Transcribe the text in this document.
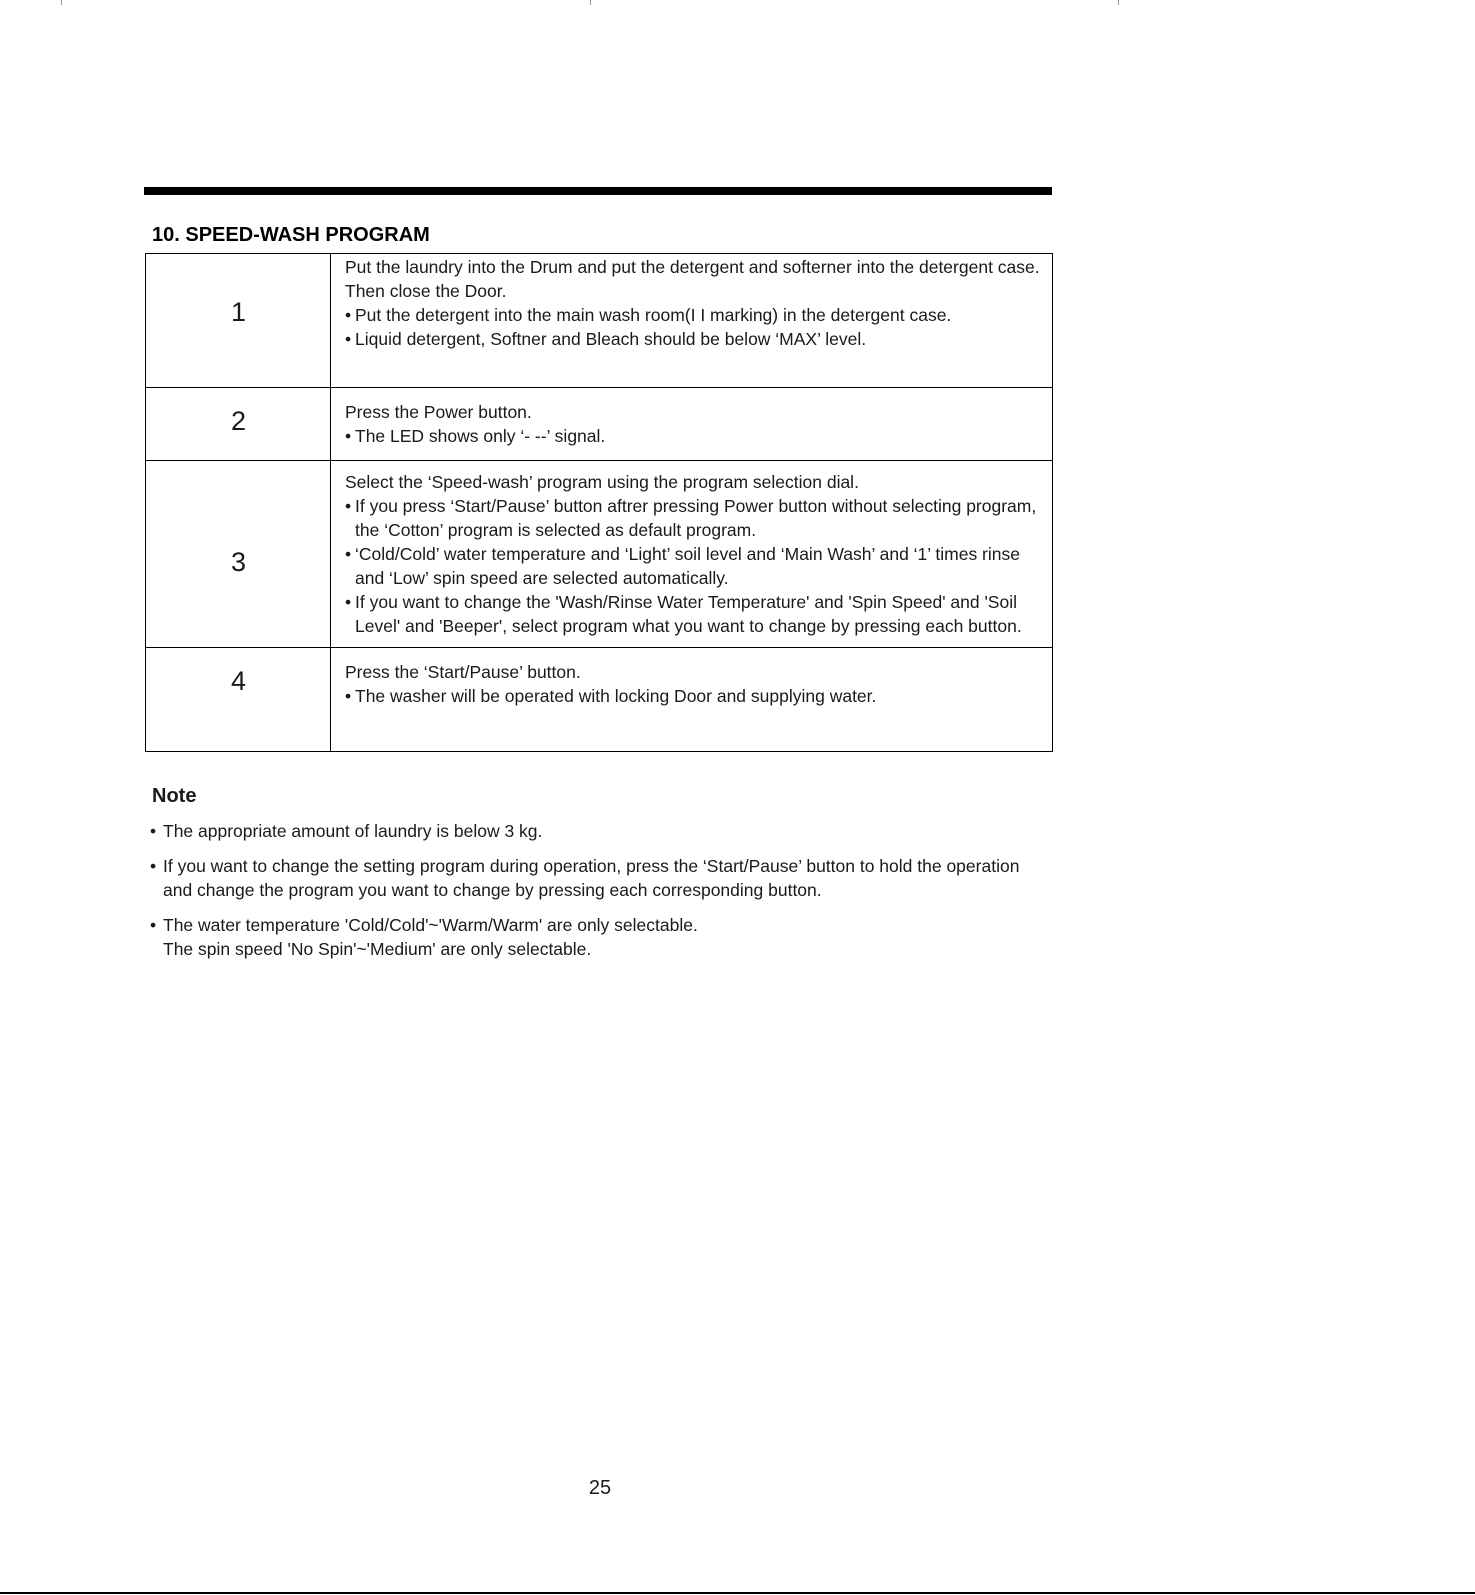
10. SPEED-WASH PROGRAM
1	Put the laundry into the Drum and put the detergent and softerner into the detergent case.

Then close the Door.

• Put the detergent into the main wash room(I I marking) in the detergent case.

• Liquid detergent, Softner and Bleach should be below ‘MAX’ level.

2	Press the Power button.

• The LED shows only ‘- --’ signal.

3	Select the ‘Speed-wash’ program using the program selection dial.

• If you press ‘Start/Pause’ button aftrer pressing Power button without selecting program, the ‘Cotton’ program is selected as default program.

• ‘Cold/Cold’ water temperature and ‘Light’ soil level and ‘Main Wash’ and ‘1’ times rinse and ‘Low’ spin speed are selected automatically.

• If you want to change the 'Wash/Rinse Water Temperature' and 'Spin Speed' and 'Soil Level' and 'Beeper', select program what you want to change by pressing each button.

4	Press the ‘Start/Pause’ button.

• The washer will be operated with locking Door and supplying water.

Note
• The appropriate amount of laundry is below 3 kg.
• If you want to change the setting program during operation, press the ‘Start/Pause’ button to hold the operation and change the program you want to change by pressing each corresponding button.
• The water temperature 'Cold/Cold'~'Warm/Warm' are only selectable.
The spin speed 'No Spin'~'Medium' are only selectable.
25
